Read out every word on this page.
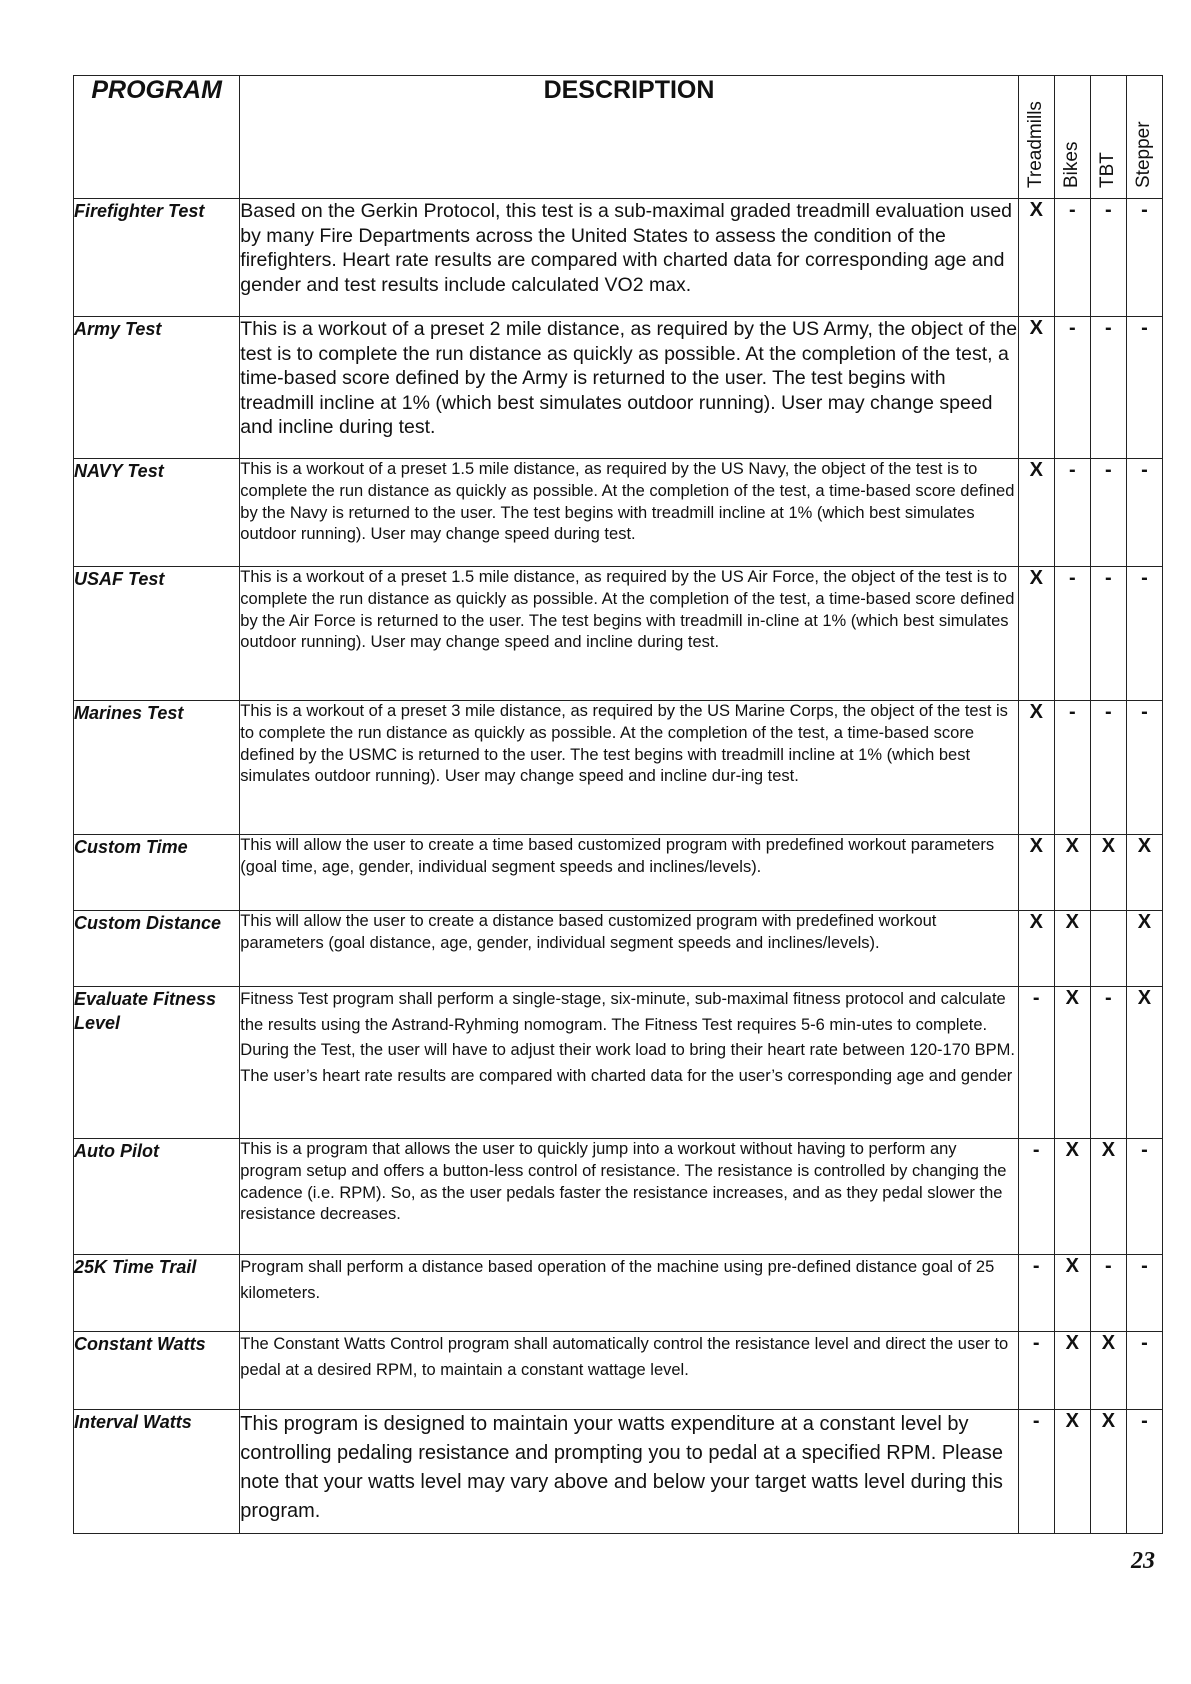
PROGRAM	DESCRIPTION	Treadmills	Bikes	TBT	Stepper

Firefighter Test	Based on the Gerkin Protocol, this test is a sub-maximal graded treadmill evaluation used by many Fire Departments across the United States to assess the condition of the firefighters. Heart rate results are compared with charted data for corresponding age and gender and test results include calculated VO2 max.	X	-	-	-
Army Test	This is a workout of a preset 2 mile distance, as required by the US Army, the object of the test is to complete the run distance as quickly as possible. At the completion of the test, a time-based score defined by the Army is returned to the user. The test begins with treadmill incline at 1% (which best simulates outdoor running). User may change speed and incline during test.	X	-	-	-
NAVY Test	This is a workout of a preset 1.5 mile distance, as required by the US Navy, the object of the test is to complete the run distance as quickly as possible. At the completion of the test, a time-based score defined by the Navy is returned to the user. The test begins with treadmill incline at 1% (which best simulates outdoor running). User may change speed during test.	X	-	-	-
USAF Test	This is a workout of a preset 1.5 mile distance, as required by the US Air Force, the object of the test is to complete the run distance as quickly as possible. At the completion of the test, a time-based score defined by the Air Force is returned to the user. The test begins with treadmill in-cline at 1% (which best simulates outdoor running). User may change speed and incline during test.	X	-	-	-
Marines Test	This is a workout of a preset 3 mile distance, as required by the US Marine Corps, the object of the test is to complete the run distance as quickly as possible. At the completion of the test, a time-based score defined by the USMC is returned to the user. The test begins with treadmill incline at 1% (which best simulates outdoor running). User may change speed and incline dur-ing test.	X	-	-	-
Custom Time	This will allow the user to create a time based customized program with predefined workout parameters (goal time, age, gender, individual segment speeds and inclines/levels).	X	X	X	X
Custom Distance	This will allow the user to create a distance based customized program with predefined workout parameters (goal distance, age, gender, individual segment speeds and inclines/levels).	X	X		X
Evaluate Fitness Level	Fitness Test program shall perform a single-stage, six-minute, sub-maximal fitness protocol and calculate the results using the Astrand-Ryhming nomogram. The Fitness Test requires 5-6 min-utes to complete. During the Test, the user will have to adjust their work load to bring their heart rate between 120-170 BPM. The user’s heart rate results are compared with charted data for the user’s corresponding age and gender	-	X	-	X
Auto Pilot	This is a program that allows the user to quickly jump into a workout without having to perform any program setup and offers a button-less control of resistance. The resistance is controlled by changing the cadence (i.e. RPM). So, as the user pedals faster the resistance increases, and as they pedal slower the resistance decreases.	-	X	X	-
25K Time Trail	Program shall perform a distance based operation of the machine using pre-defined distance goal of 25 kilometers.	-	X	-	-
Constant Watts	The Constant Watts Control program shall automatically control the resistance level and direct the user to pedal at a desired RPM, to maintain a constant wattage level.	-	X	X	-
Interval Watts	This program is designed to maintain your watts expenditure at a constant level by controlling pedaling resistance and prompting you to pedal at a specified RPM. Please note that your watts level may vary above and below your target watts level during this program.	-	X	X	-
23
